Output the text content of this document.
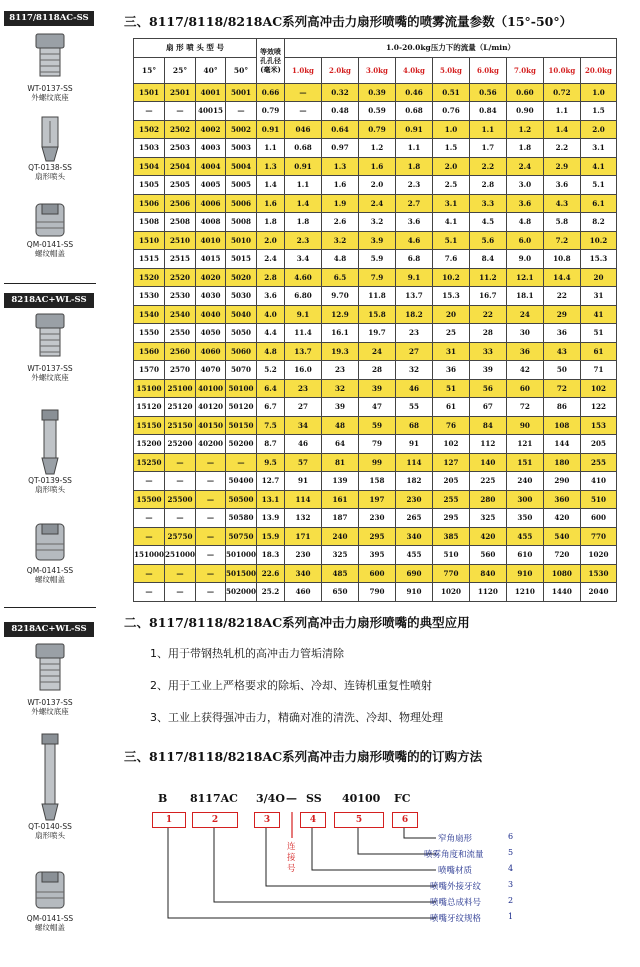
8117/8118AC-SS
WT-0137-SS
外螺纹底座
QT-0138-SS
扇形喷头
QM-0141-SS
螺纹帽盖
8218AC+WL-SS
WT-0137-SS
外螺纹底座
QT-0139-SS
扇形喷头
QM-0141-SS
螺纹帽盖
8218AC+WL-SS
WT-0137-SS
外螺纹底座
QT-0140-SS
扇形喷头
QM-0141-SS
螺纹帽盖
三、8117/8118/8218AC系列高冲击力扇形喷嘴的喷雾流量参数（15°-50°）
扇 形 喷 头 型 号				等效喷孔孔径(毫米)	1.0-20.0kg压力下的流量（L/min）								
15°	25°	40°	50°		1.0kg	2.0kg	3.0kg	4.0kg	5.0kg	6.0kg	7.0kg	10.0kg	20.0kg
1501	2501	4001	5001	0.66	—	0.32	0.39	0.46	0.51	0.56	0.60	0.72	1.0
—	—	40015	—	0.79	—	0.48	0.59	0.68	0.76	0.84	0.90	1.1	1.5
1502	2502	4002	5002	0.91	046	0.64	0.79	0.91	1.0	1.1	1.2	1.4	2.0
1503	2503	4003	5003	1.1	0.68	0.97	1.2	1.1	1.5	1.7	1.8	2.2	3.1
1504	2504	4004	5004	1.3	0.91	1.3	1.6	1.8	2.0	2.2	2.4	2.9	4.1
1505	2505	4005	5005	1.4	1.1	1.6	2.0	2.3	2.5	2.8	3.0	3.6	5.1
1506	2506	4006	5006	1.6	1.4	1.9	2.4	2.7	3.1	3.3	3.6	4.3	6.1
1508	2508	4008	5008	1.8	1.8	2.6	3.2	3.6	4.1	4.5	4.8	5.8	8.2
1510	2510	4010	5010	2.0	2.3	3.2	3.9	4.6	5.1	5.6	6.0	7.2	10.2
1515	2515	4015	5015	2.4	3.4	4.8	5.9	6.8	7.6	8.4	9.0	10.8	15.3
1520	2520	4020	5020	2.8	4.60	6.5	7.9	9.1	10.2	11.2	12.1	14.4	20
1530	2530	4030	5030	3.6	6.80	9.70	11.8	13.7	15.3	16.7	18.1	22	31
1540	2540	4040	5040	4.0	9.1	12.9	15.8	18.2	20	22	24	29	41
1550	2550	4050	5050	4.4	11.4	16.1	19.7	23	25	28	30	36	51
1560	2560	4060	5060	4.8	13.7	19.3	24	27	31	33	36	43	61
1570	2570	4070	5070	5.2	16.0	23	28	32	36	39	42	50	71
15100	25100	40100	50100	6.4	23	32	39	46	51	56	60	72	102
15120	25120	40120	50120	6.7	27	39	47	55	61	67	72	86	122
15150	25150	40150	50150	7.5	34	48	59	68	76	84	90	108	153
15200	25200	40200	50200	8.7	46	64	79	91	102	112	121	144	205
15250	—	—	—	9.5	57	81	99	114	127	140	151	180	255
—	—	—	50400	12.7	91	139	158	182	205	225	240	290	410
15500	25500	—	50500	13.1	114	161	197	230	255	280	300	360	510
—	—	—	50580	13.9	132	187	230	265	295	325	350	420	600
—	25750	—	50750	15.9	171	240	295	340	385	420	455	540	770
151000	251000	—	501000	18.3	230	325	395	455	510	560	610	720	1020
—	—	—	501500	22.6	340	485	600	690	770	840	910	1080	1530
—	—	—	502000	25.2	460	650	790	910	1020	1120	1210	1440	2040
二、8117/8118/8218AC系列高冲击力扇形喷嘴的典型应用
1、用于带钢热轧机的高冲击力管垢清除
2、用于工业上严格要求的除垢、冷却、连铸机重复性喷射
3、工业上获得强冲击力，精确对准的清洗、冷却、物理处理
三、8117/8118/8218AC系列高冲击力扇形喷嘴的的订购方法
B 8117AC 3/4O — SS 40100 FC
1	2	3	4	5	6
连接号
窄角扇形	6
喷雾角度和流量	5
喷嘴材质	4
喷嘴外接牙纹	3
喷嘴总成料号	2
喷嘴牙纹规格	1
